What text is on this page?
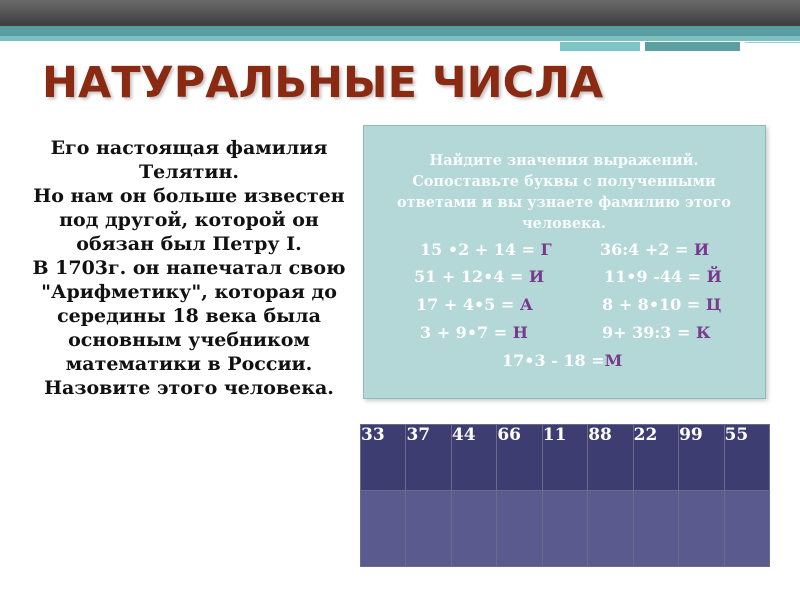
НАТУРАЛЬНЫЕ ЧИСЛА

Его настоящая фамилия Телятин.

Но нам он больше известен под другой, которой он обязан был Петру I.

В 1703г. он напечатал свою "Арифметику", которая до середины 18 века была основным учебником математики в России.

Назовите этого человека.

Найдите значения выражений. Сопоставьте буквы с полученными ответами и вы узнаете фамилию этого человека.
15 •2 + 14 = Г	36:4 +2 = И
51 + 12•4 = И	11•9 -44 = Й
17 + 4•5 = А	8 + 8•10 = Ц
3 + 9•7 = Н	9+ 39:3 = К
17•3 - 18 =М
33	37	44	66	11	88	22	99	55
